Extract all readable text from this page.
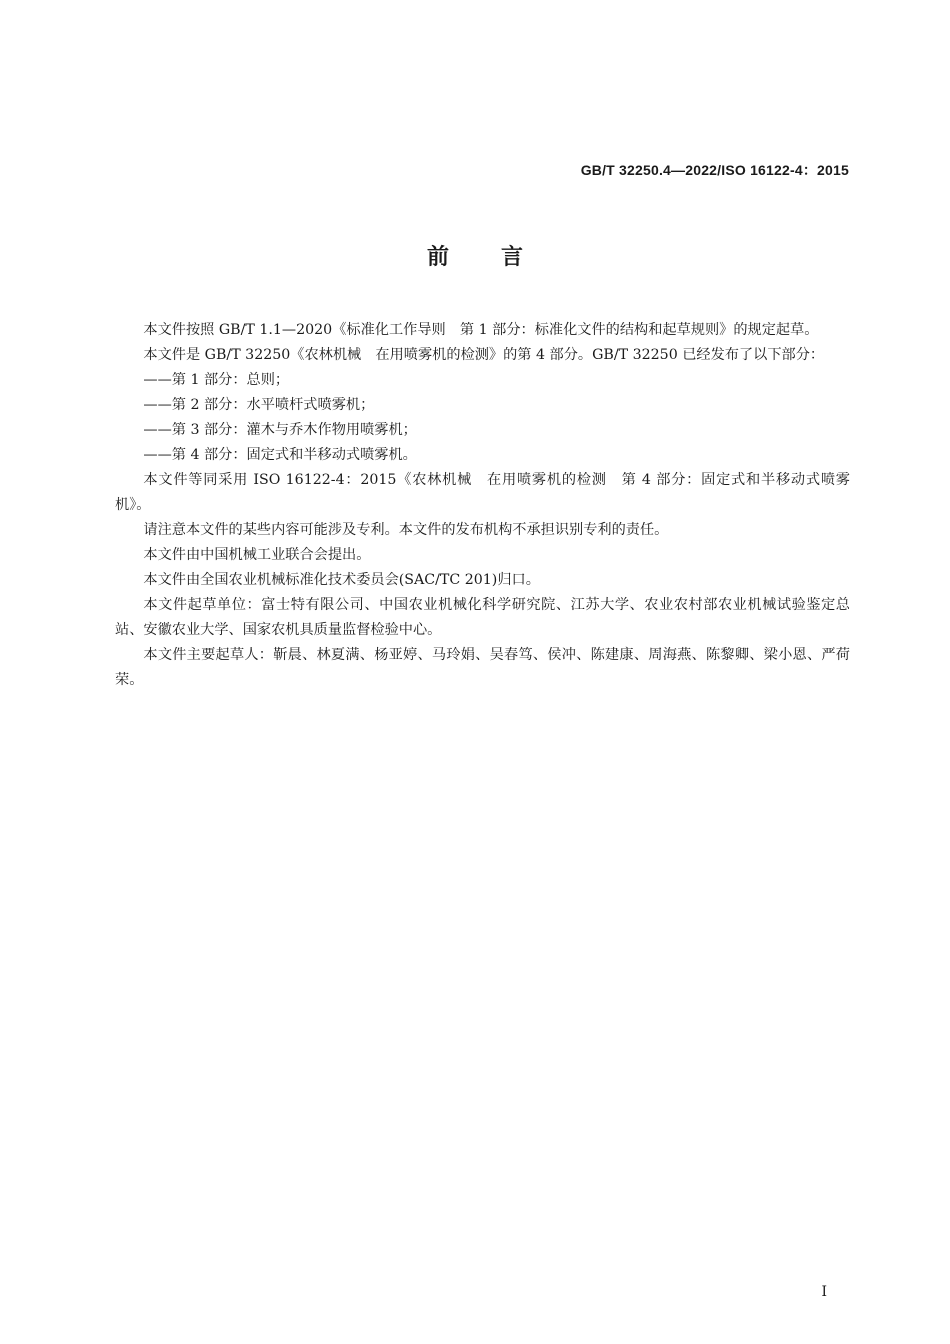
GB/T 32250.4—2022/ISO 16122-4：2015
前言

本文件按照 GB/T 1.1—2020《标准化工作导则　第 1 部分：标准化文件的结构和起草规则》的规定起草。

本文件是 GB/T 32250《农林机械　在用喷雾机的检测》的第 4 部分。GB/T 32250 已经发布了以下部分：

——第 1 部分：总则；

——第 2 部分：水平喷杆式喷雾机；

——第 3 部分：灌木与乔木作物用喷雾机；

——第 4 部分：固定式和半移动式喷雾机。

本文件等同采用 ISO 16122-4：2015《农林机械　在用喷雾机的检测　第 4 部分：固定式和半移动式喷雾机》。

请注意本文件的某些内容可能涉及专利。本文件的发布机构不承担识别专利的责任。

本文件由中国机械工业联合会提出。

本文件由全国农业机械标准化技术委员会(SAC/TC 201)归口。

本文件起草单位：富士特有限公司、中国农业机械化科学研究院、江苏大学、农业农村部农业机械试验鉴定总站、安徽农业大学、国家农机具质量监督检验中心。

本文件主要起草人：靳晨、林夏满、杨亚婷、马玲娟、吴春笃、侯冲、陈建康、周海燕、陈黎卿、梁小恩、严荷荣。

Ⅰ
